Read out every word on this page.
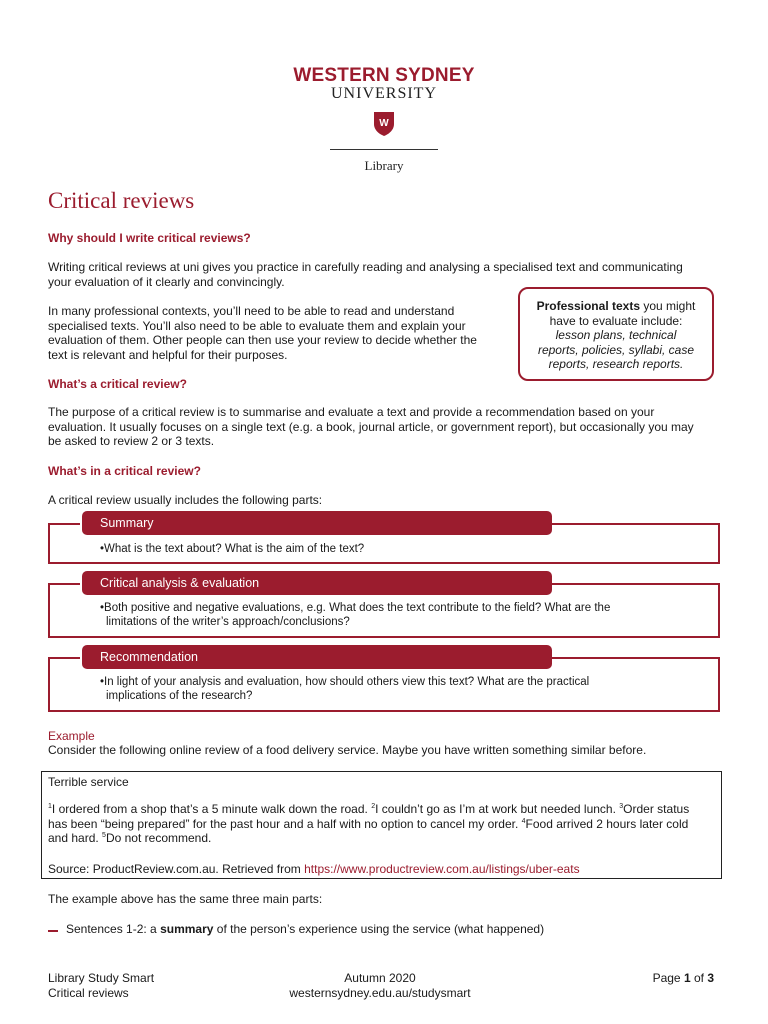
WESTERN SYDNEY
UNIVERSITY
W
Library
Critical reviews
Why should I write critical reviews?
Writing critical reviews at uni gives you practice in carefully reading and analysing a specialised text and communicating
your evaluation of it clearly and convincingly.
In many professional contexts, you’ll need to be able to read and understand
specialised texts. You’ll also need to be able to evaluate them and explain your
evaluation of them. Other people can then use your review to decide whether the
text is relevant and helpful for their purposes.
Professional texts you might
have to evaluate include:
lesson plans, technical
reports, policies, syllabi, case
reports, research reports.
What’s a critical review?
The purpose of a critical review is to summarise and evaluate a text and provide a recommendation based on your
evaluation. It usually focuses on a single text (e.g. a book, journal article, or government report), but occasionally you may
be asked to review 2 or 3 texts.
What’s in a critical review?
A critical review usually includes the following parts:
Summary
•What is the text about? What is the aim of the text?
Critical analysis & evaluation
•Both positive and negative evaluations, e.g. What does the text contribute to the field? What are the
limitations of the writer’s approach/conclusions?
Recommendation
•In light of your analysis and evaluation, how should others view this text? What are the practical
implications of the research?
Example
Consider the following online review of a food delivery service. Maybe you have written something similar before.
Terrible service
$^1$I ordered from a shop that’s a 5 minute walk down the road. $^2$I couldn’t go as I’m at work but needed lunch. $^3$Order status
has been “being prepared” for the past hour and a half with no option to cancel my order. $^4$Food arrived 2 hours later cold
and hard. $^5$Do not recommend.
Source: ProductReview.com.au. Retrieved from https://www.productreview.com.au/listings/uber-eats
The example above has the same three main parts:
Sentences 1-2: a summary of the person’s experience using the service (what happened)
Library Study Smart
Critical reviews
Autumn 2020
westernsydney.edu.au/studysmart
Page 1 of 3
